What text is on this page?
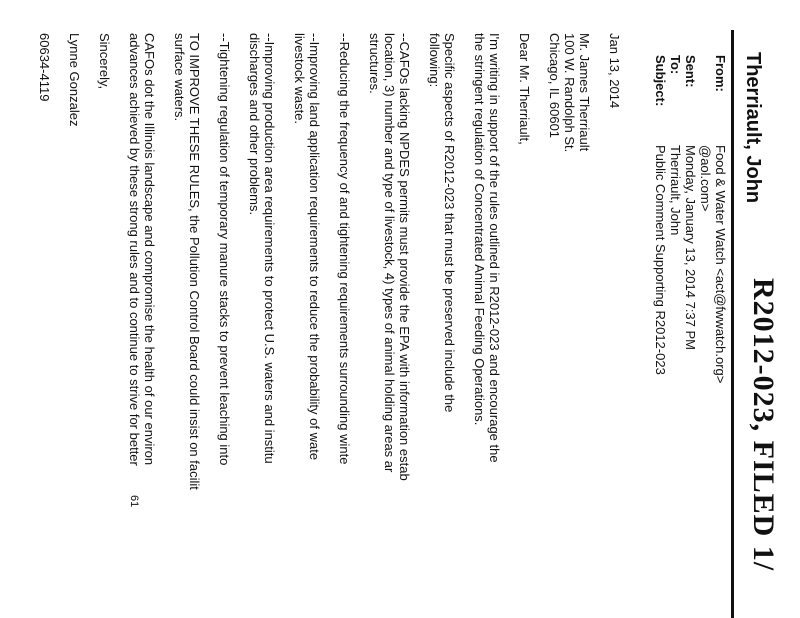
R2012-023, FILED 1/
Therriault, John
From:
Food & Water Watch <act@fwwatch.org>
@aol.com>
Sent:
Monday, January 13, 2014 7:37 PM
To:
Therriault, John
Subject:
Public Comment Supporting R2012-023

Jan 13, 2014

Mr. James Therriault

100 W. Randolph St.

Chicago, IL 60601

Dear Mr. Therriault,

I'm writing in support of the rules outlined in R2012-023 and encourage the

the stringent regulation of Concentrated Animal Feeding Operations.

Specific aspects of R2012-023 that must be preserved include the

following:

--CAFOs lacking NPDES permits must provide the EPA with information estab

location, 3) number and type of livestock, 4) types of animal holding areas ar

structures.

--Reducing the frequency of and tightening requirements surrounding winte

--Improving land application requirements to reduce the probability of wate

livestock waste.

--Improving production area requirements to protect U.S. waters and institu

discharges and other problems.

--Tightening regulation of temporary manure stacks to prevent leaching into

TO IMPROVE THESE RULES, the Pollution Control Board could insist on facilit

surface waters.

CAFOs dot the Illinois landscape and compromise the health of our environ

advances achieved by these strong rules and to continue to strive for better

Sincerely,

Lynne Gonzalez

60634-4119

61
